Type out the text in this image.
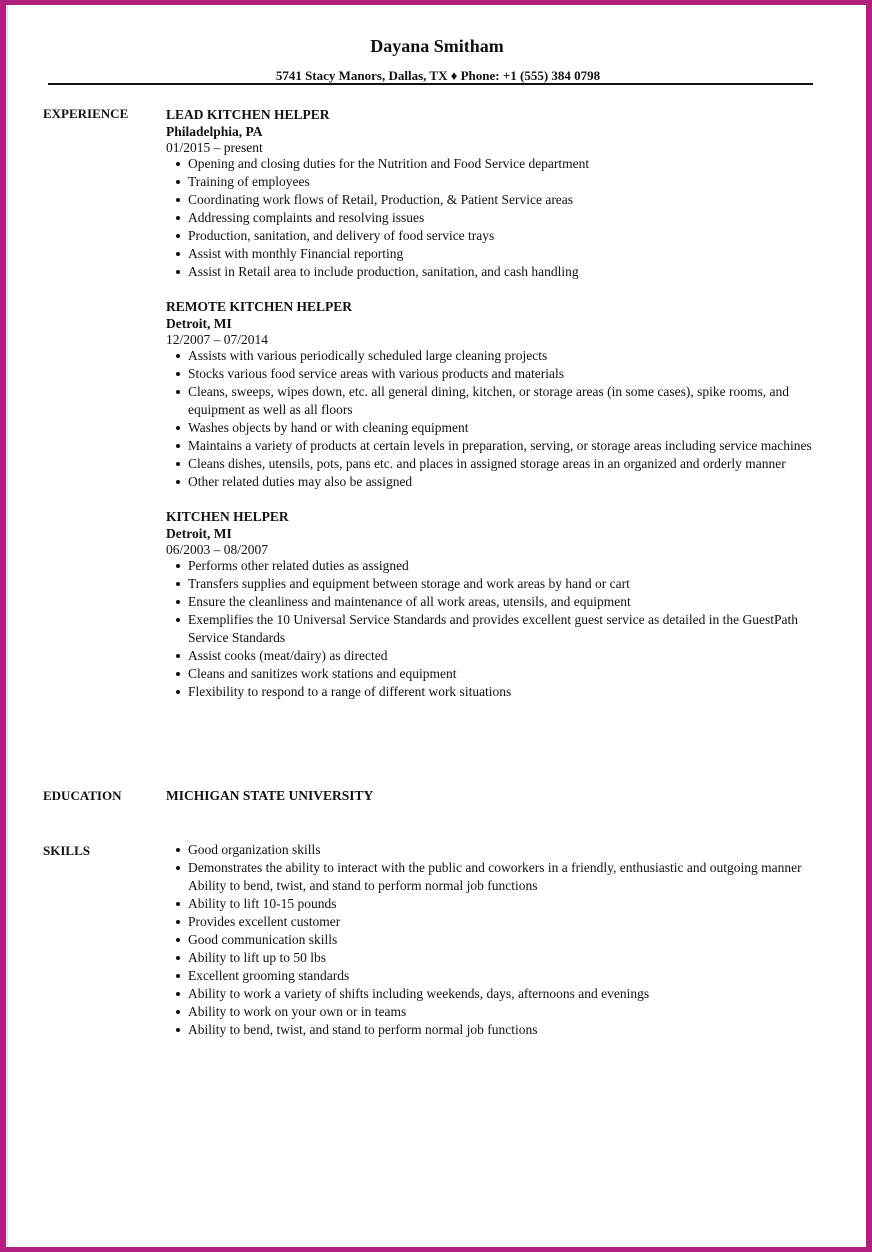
Dayana Smitham
5741 Stacy Manors, Dallas, TX ♦ Phone: +1 (555) 384 0798
EXPERIENCE	LEAD KITCHEN HELPER
Philadelphia, PA
01/2015 – present
Opening and closing duties for the Nutrition and Food Service department
Training of employees
Coordinating work flows of Retail, Production, & Patient Service areas
Addressing complaints and resolving issues
Production, sanitation, and delivery of food service trays
Assist with monthly Financial reporting
Assist in Retail area to include production, sanitation, and cash handling
REMOTE KITCHEN HELPER
Detroit, MI
12/2007 – 07/2014
Assists with various periodically scheduled large cleaning projects
Stocks various food service areas with various products and materials
Cleans, sweeps, wipes down, etc. all general dining, kitchen, or storage areas (in some cases), spike rooms, and equipment as well as all floors
Washes objects by hand or with cleaning equipment
Maintains a variety of products at certain levels in preparation, serving, or storage areas including service machines
Cleans dishes, utensils, pots, pans etc. and places in assigned storage areas in an organized and orderly manner
Other related duties may also be assigned
KITCHEN HELPER
Detroit, MI
06/2003 – 08/2007
Performs other related duties as assigned
Transfers supplies and equipment between storage and work areas by hand or cart
Ensure the cleanliness and maintenance of all work areas, utensils, and equipment
Exemplifies the 10 Universal Service Standards and provides excellent guest service as detailed in the GuestPath Service Standards
Assist cooks (meat/dairy) as directed
Cleans and sanitizes work stations and equipment
Flexibility to respond to a range of different work situations
EDUCATION	MICHIGAN STATE UNIVERSITY
SKILLS	Good organization skills
Demonstrates the ability to interact with the public and coworkers in a friendly, enthusiastic and outgoing manner Ability to bend, twist, and stand to perform normal job functions
Ability to lift 10-15 pounds
Provides excellent customer
Good communication skills
Ability to lift up to 50 lbs
Excellent grooming standards
Ability to work a variety of shifts including weekends, days, afternoons and evenings
Ability to work on your own or in teams
Ability to bend, twist, and stand to perform normal job functions
